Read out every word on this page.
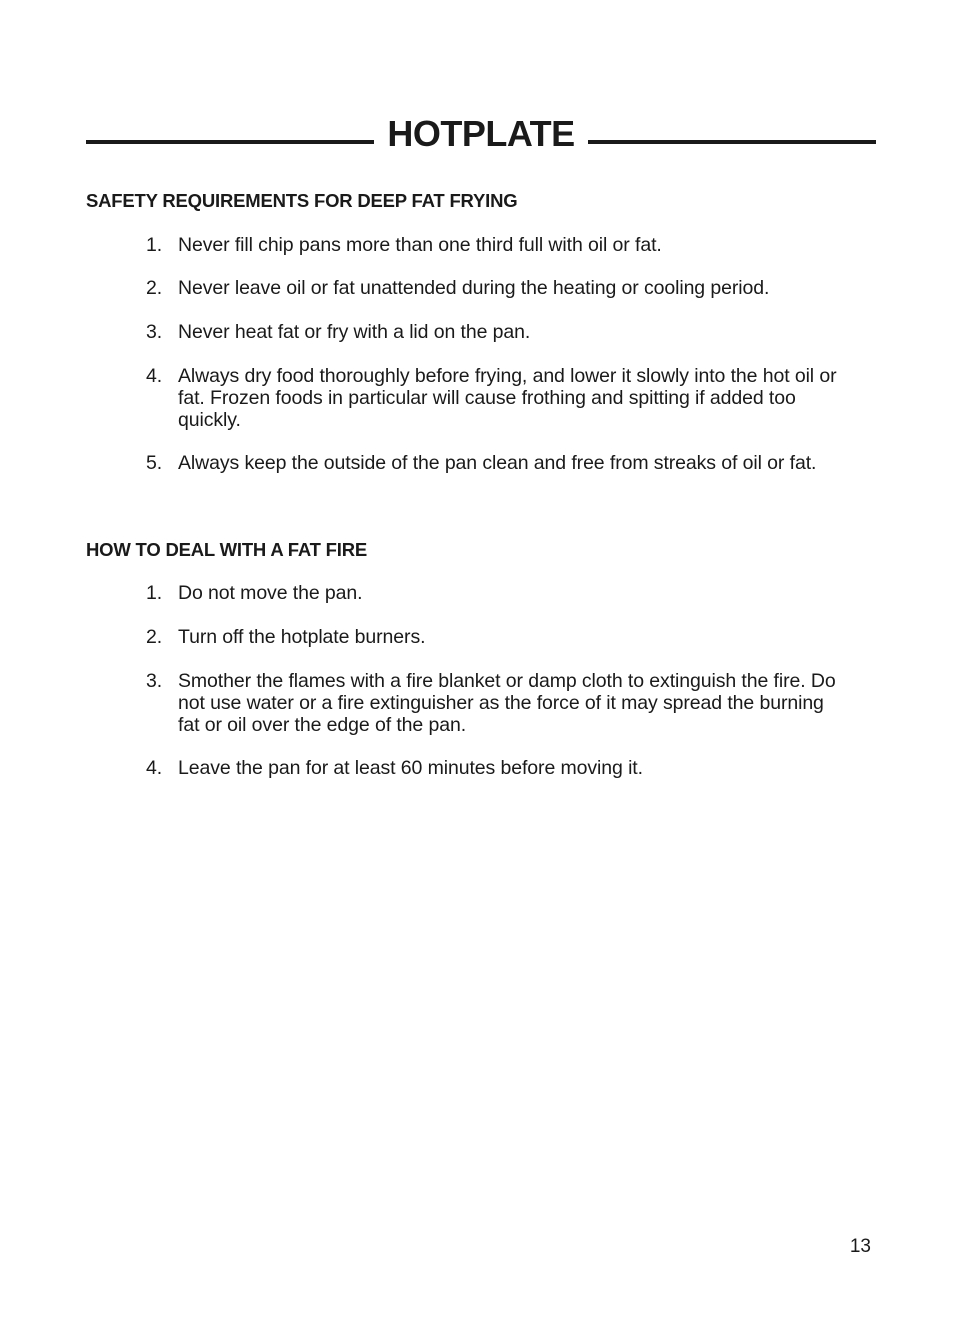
HOTPLATE
SAFETY REQUIREMENTS FOR DEEP FAT FRYING
1. Never fill chip pans more than one third full with oil or fat.
2. Never leave oil or fat unattended during the heating or cooling period.
3. Never heat fat or fry with a lid on the pan.
4. Always dry food thoroughly before frying, and lower it slowly into the hot oil or fat. Frozen foods in particular will cause frothing and spitting if added too quickly.
5. Always keep the outside of the pan clean and free from streaks of oil or fat.
HOW TO DEAL WITH A FAT FIRE
1. Do not move the pan.
2. Turn off the hotplate burners.
3. Smother the flames with a fire blanket or damp cloth to extinguish the fire. Do not use water or a fire extinguisher as the force of it may spread the burning fat or oil over the edge of the pan.
4. Leave the pan for at least 60 minutes before moving it.
13
